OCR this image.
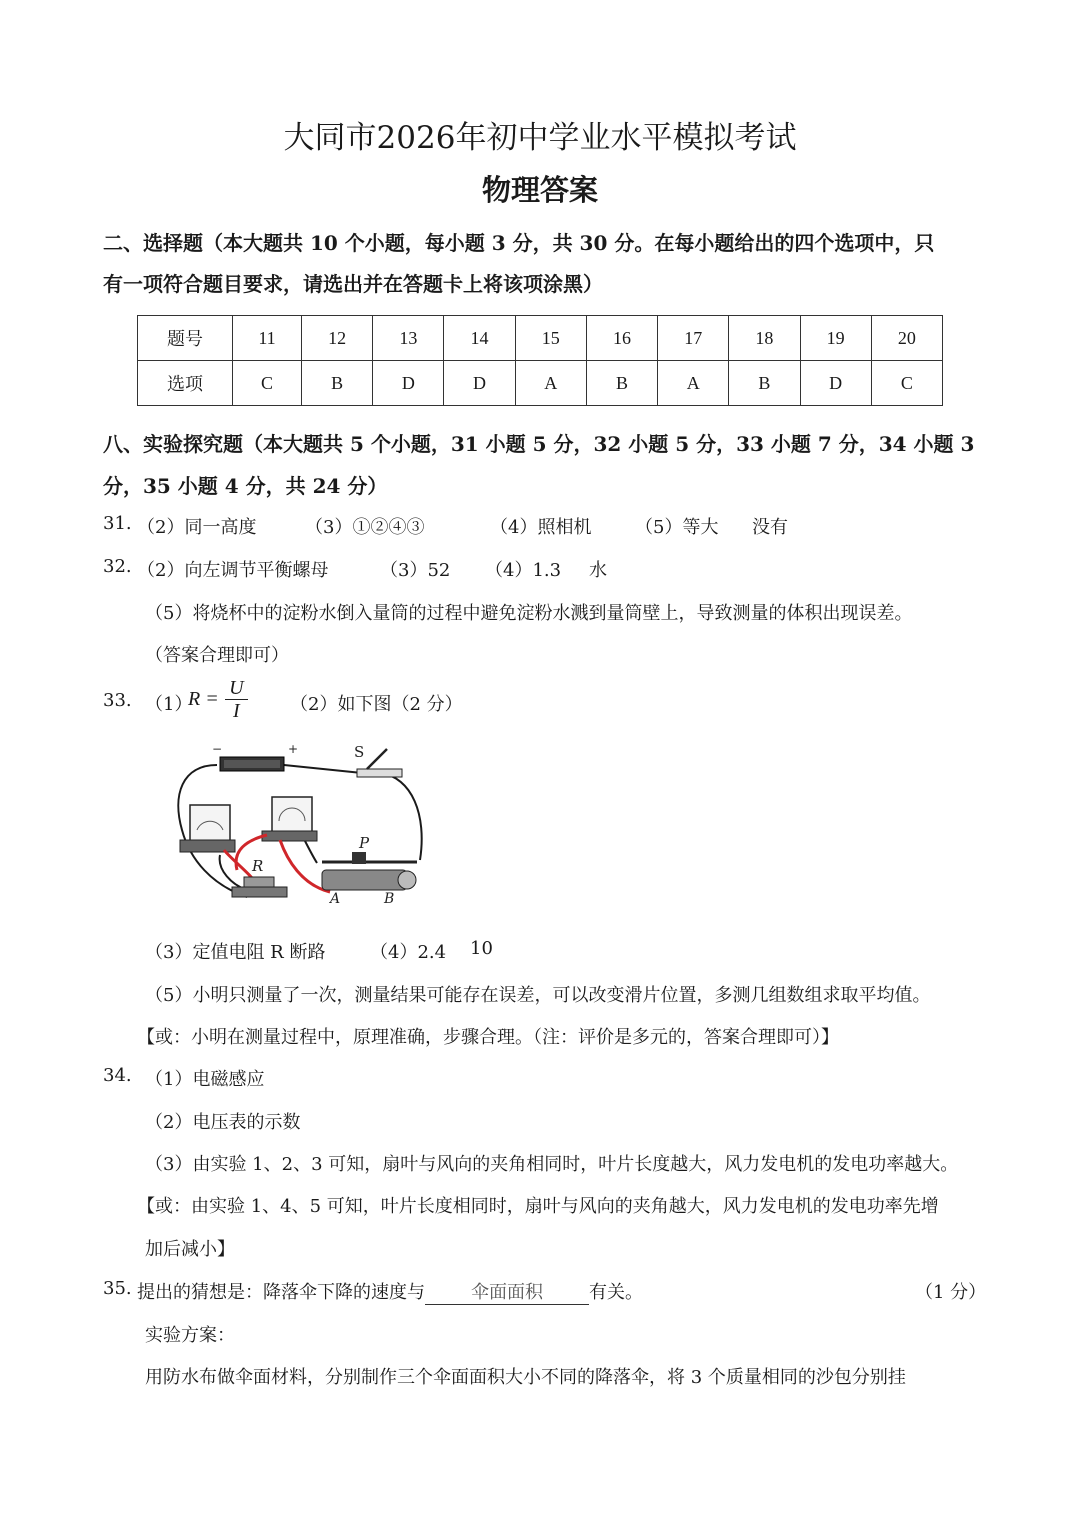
大同市2026年初中学业水平模拟考试
物理答案
二、选择题（本大题共 10 个小题，每小题 3 分，共 30 分。在每小题给出的四个选项中，只
有一项符合题目要求，请选出并在答题卡上将该项涂黑）
题号	11	12	13	14	15	16	17	18	19	20
选项	C	B	D	D	A	B	A	B	D	C
八、实验探究题（本大题共 5 个小题，31 小题 5 分，32 小题 5 分，33 小题 7 分，34 小题 3
分，35 小题 4 分，共 24 分）
31. （2）同一高度	（3）①②④③	（4）照相机 （5）等大 没有
32. （2）向左调节平衡螺母	（3）52 （4）1.3 水
（5）将烧杯中的淀粉水倒入量筒的过程中避免淀粉水溅到量筒壁上，导致测量的体积出现误差。
（答案合理即可）
33. （1）
$R = \frac{U}{I} (2)$如下图（2 分）
−	+	S
R
P
A	B
（3）定值电阻 R 断路 （4）2.4 10
（5）小明只测量了一次，测量结果可能存在误差，可以改变滑片位置，多测几组数组求取平均值。
【或：小明在测量过程中，原理准确，步骤合理。（注：评价是多元的，答案合理即可）】
34. （1）电磁感应
（2）电压表的示数
（3）由实验 1、2、3 可知，扇叶与风向的夹角相同时，叶片长度越大，风力发电机的发电功率越大。
【或：由实验 1、4、5 可知，叶片长度相同时，扇叶与风向的夹角越大，风力发电机的发电功率先增
加后减小】
35. 提出的猜想是：降落伞下降的速度与	伞面面积	有关。	（1 分）
实验方案：
用防水布做伞面材料，分别制作三个伞面面积大小不同的降落伞，将 3 个质量相同的沙包分别挂
